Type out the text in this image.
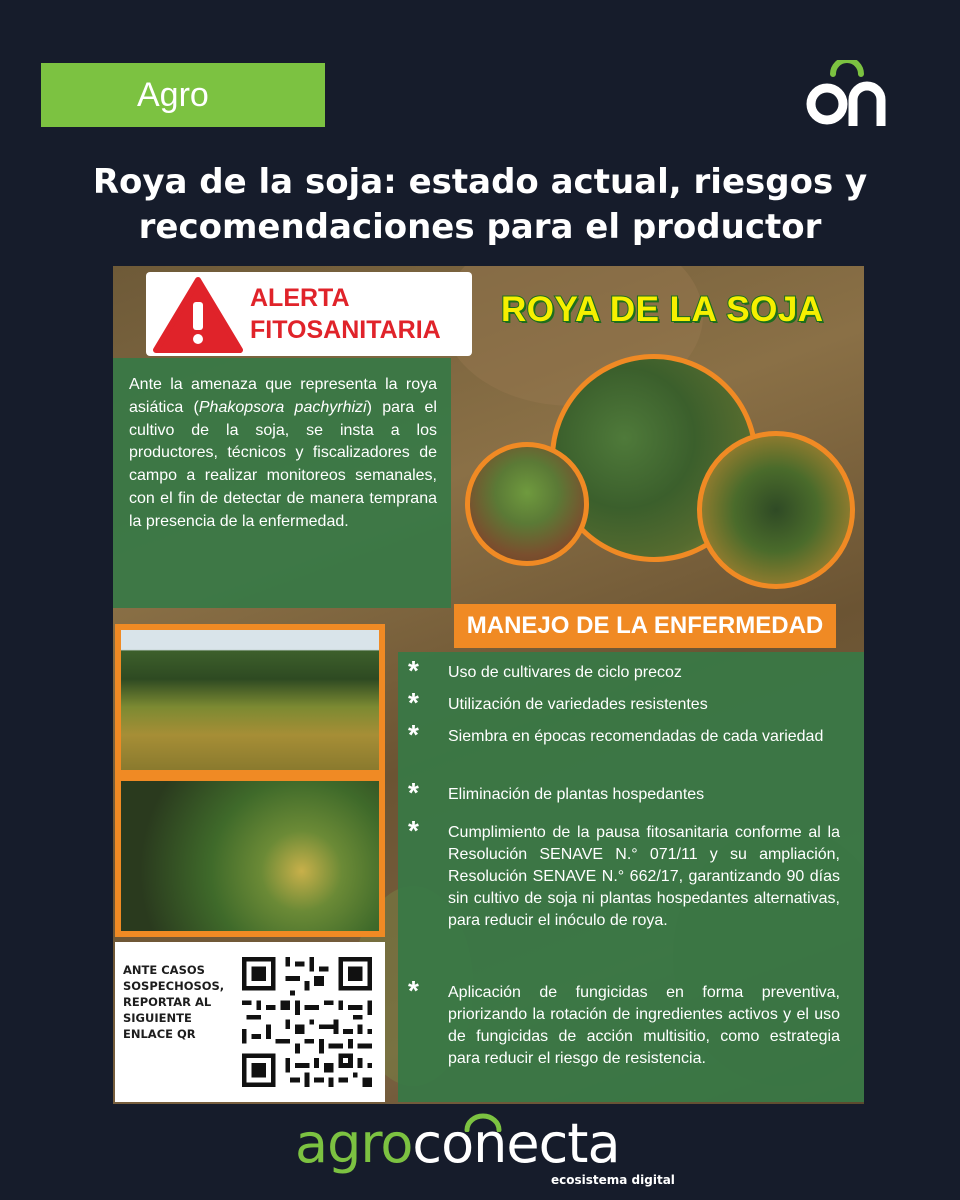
Agro
Roya de la soja: estado actual, riesgos y
recomendaciones para el productor
ALERTA
FITOSANITARIA
ROYA DE LA SOJA
Ante la amenaza que representa la roya asiática (Phakopsora pachyrhizi) para el cultivo de la soja, se insta a los productores, técnicos y fiscalizadores de campo a realizar monitoreos semanales, con el fin de detectar de manera temprana la presencia de la enfermedad.
MANEJO DE LA ENFERMEDAD
* Uso de cultivares de ciclo precoz
* Utilización de variedades resistentes
* Siembra en épocas recomendadas de cada variedad
* Eliminación de plantas hospedantes
* Cumplimiento de la pausa fitosanitaria conforme al la Resolución SENAVE N.° 071/11 y su ampliación, Resolución SENAVE N.° 662/17, garantizando 90 días sin cultivo de soja ni plantas hospedantes alternativas, para reducir el inóculo de roya.
* Aplicación de fungicidas en forma preventiva, priorizando la rotación de ingredientes activos y el uso de fungicidas de acción multisitio, como estrategia para reducir el riesgo de resistencia.
ANTE CASOS SOSPECHOSOS, REPORTAR AL SIGUIENTE ENLACE QR
agroconecta
ecosistema digital
